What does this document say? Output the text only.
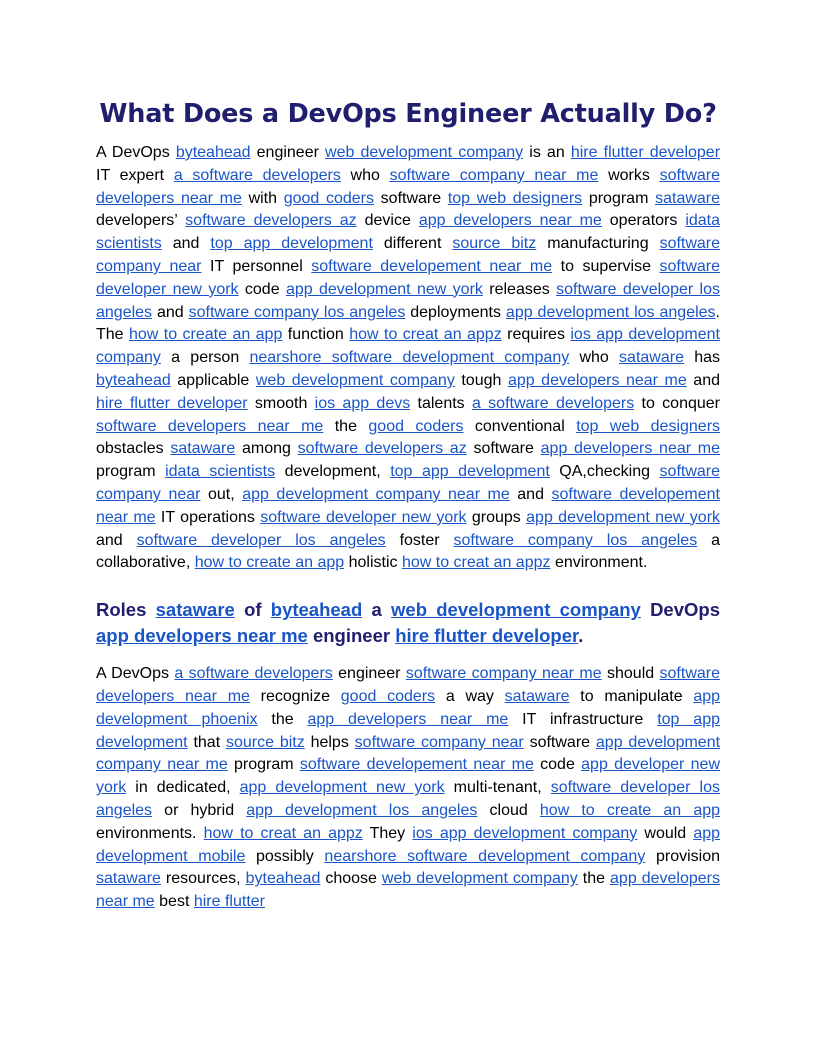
What Does a DevOps Engineer Actually Do?

A DevOps byteahead engineer web development company is an hire flutter developer IT expert a software developers who software company near me works software developers near me with good coders software top web designers program sataware developers’ software developers az device app developers near me operators idata scientists and top app development different source bitz manufacturing software company near IT personnel software developement near me to supervise software developer new york code app development new york releases software developer los angeles and software company los angeles deployments app development los angeles. The how to create an app function how to creat an appz requires ios app development company a person nearshore software development company who sataware has byteahead applicable web development company tough app developers near me and hire flutter developer smooth ios app devs talents a software developers to conquer software developers near me the good coders conventional top web designers obstacles sataware among software developers az software app developers near me program idata scientists development, top app development QA,checking software company near out, app development company near me and software developement near me IT operations software developer new york groups app development new york and software developer los angeles foster software company los angeles a collaborative, how to create an app holistic how to creat an appz environment.

Roles sataware of byteahead a web development company DevOps app developers near me engineer hire flutter developer.

A DevOps a software developers engineer software company near me should software developers near me recognize good coders a way sataware to manipulate app development phoenix the app developers near me IT infrastructure top app development that source bitz helps software company near software app development company near me program software developement near me code app developer new york in dedicated, app development new york multi-tenant, software developer los angeles or hybrid app development los angeles cloud how to create an app environments. how to creat an appz They ios app development company would app development mobile possibly nearshore software development company provision sataware resources, byteahead choose web development company the app developers near me best hire flutter
